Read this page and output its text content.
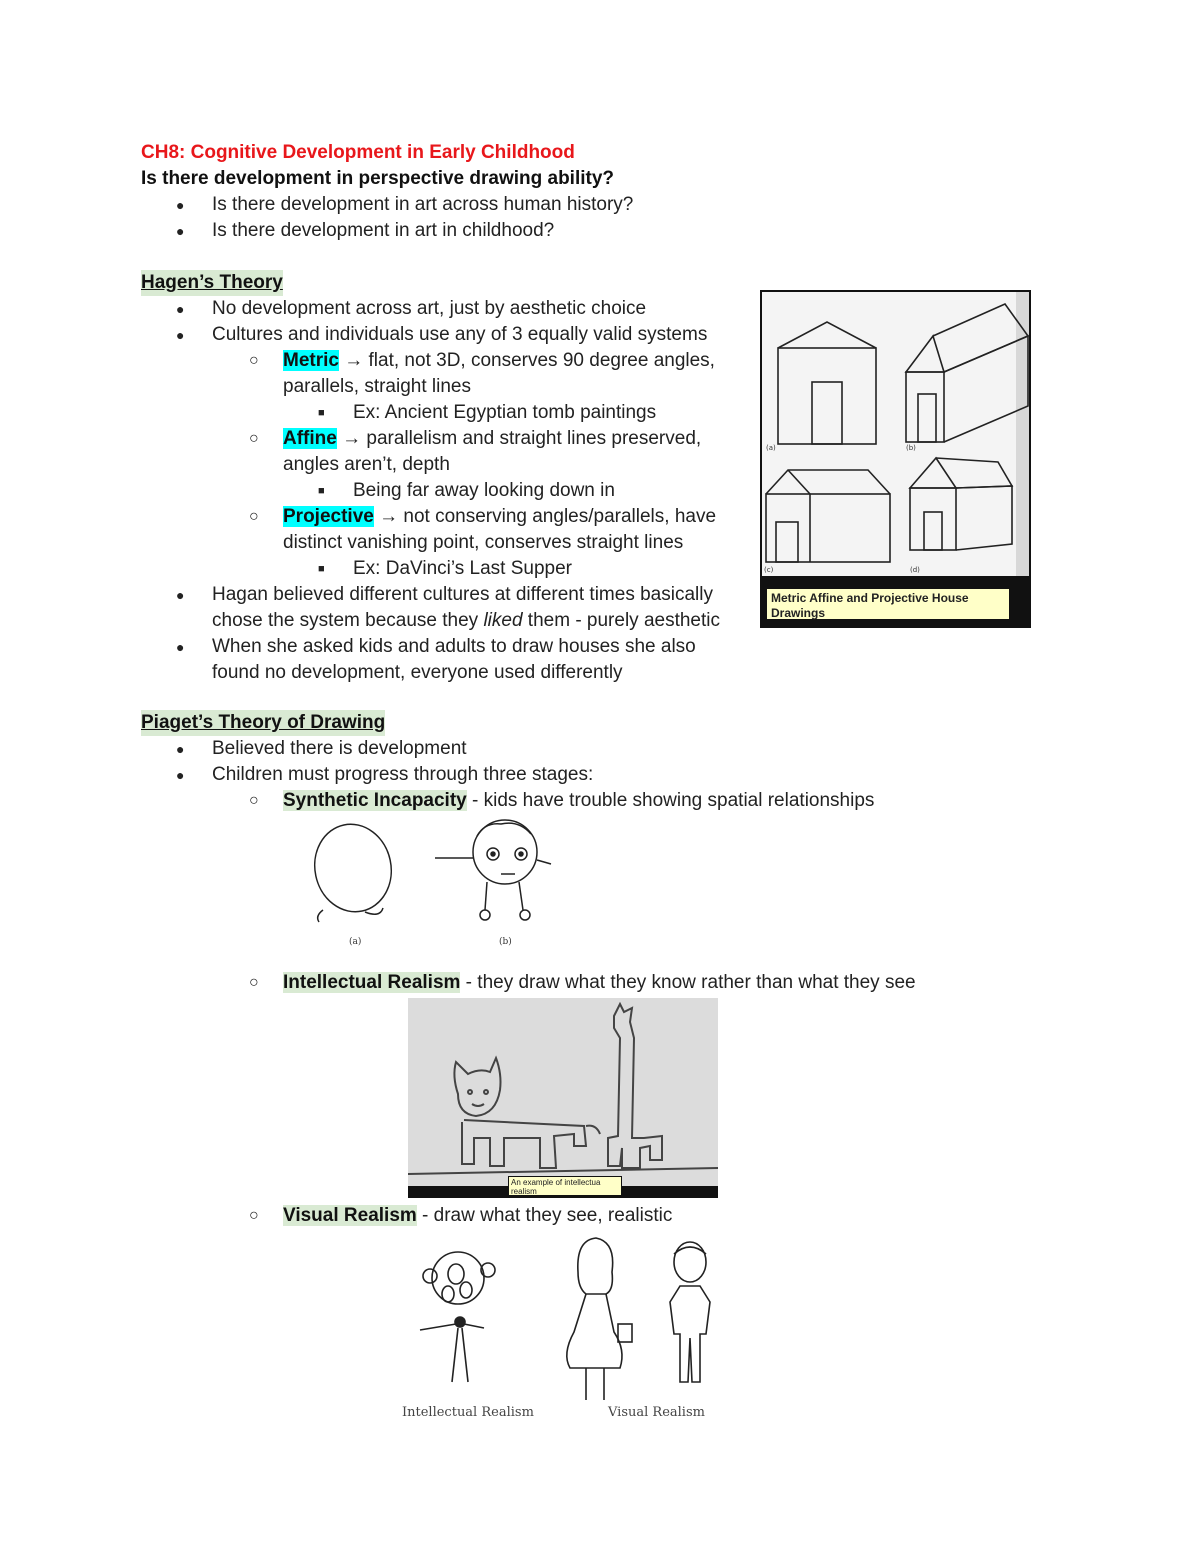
CH8: Cognitive Development in Early Childhood
Is there development in perspective drawing ability?
● Is there development in art across human history?
● Is there development in art in childhood?
Hagen’s Theory
● No development across art, just by aesthetic choice
● Cultures and individuals use any of 3 equally valid systems
○ Metric → flat, not 3D, conserves 90 degree angles,
parallels, straight lines
■ Ex: Ancient Egyptian tomb paintings
○ Affine → parallelism and straight lines preserved,
angles aren’t, depth
■ Being far away looking down in
○ Projective → not conserving angles/parallels, have
distinct vanishing point, conserves straight lines
■ Ex: DaVinci’s Last Supper
● Hagan believed different cultures at different times basically
chose the system because they liked them - purely aesthetic
● When she asked kids and adults to draw houses she also
found no development, everyone used differently
(a)	(b)
(c)	(d)
Metric Affine and Projective House Drawings
Piaget’s Theory of Drawing
● Believed there is development
● Children must progress through three stages:
○ Synthetic Incapacity - kids have trouble showing spatial relationships
(a)	(b)
○ Intellectual Realism - they draw what they know rather than what they see
An example of intellectua realism
○ Visual Realism - draw what they see, realistic
Intellectual Realism	Visual Realism
